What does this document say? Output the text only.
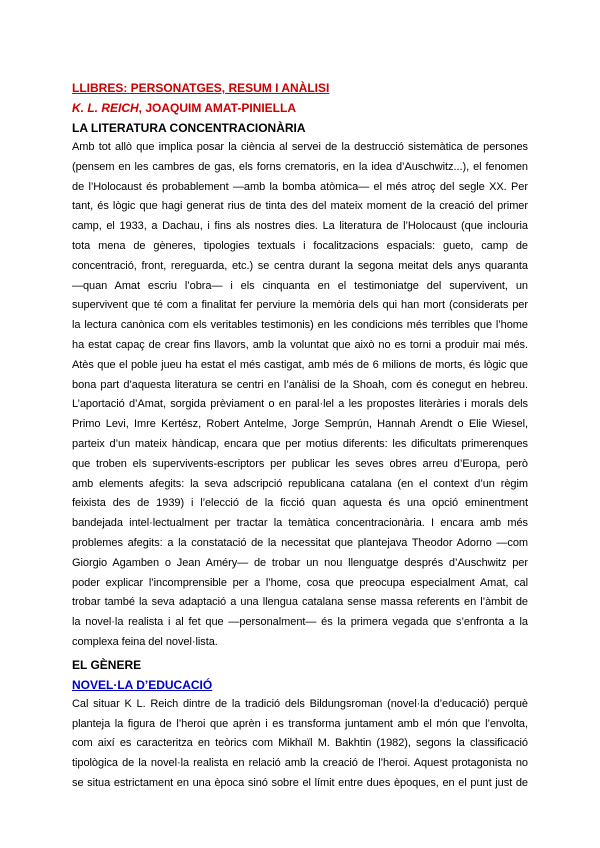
LLIBRES: PERSONATGES, RESUM I ANÀLISI
K. L. REICH, JOAQUIM AMAT-PINIELLA
LA LITERATURA CONCENTRACIONÀRIA

Amb tot allò que implica posar la ciència al servei de la destrucció sistemàtica de persones

(pensem en les cambres de gas, els forns crematoris, en la idea d’Auschwitz...), el fenomen

de l’Holocaust és probablement —amb la bomba atòmica— el més atroç del segle XX. Per

tant, és lògic que hagi generat rius de tinta des del mateix moment de la creació del primer

camp, el 1933, a Dachau, i fins als nostres dies. La literatura de l’Holocaust (que inclouria

tota mena de gèneres, tipologies textuals i focalitzacions espacials: gueto, camp de

concentració, front, rereguarda, etc.) se centra durant la segona meitat dels anys quaranta

—quan Amat escriu l’obra— i els cinquanta en el testimoniatge del supervivent, un

supervivent que té com a finalitat fer perviure la memòria dels qui han mort (considerats per

la lectura canònica com els veritables testimonis) en les condicions més terribles que l’home

ha estat capaç de crear fins llavors, amb la voluntat que això no es torni a produir mai més.

Atès que el poble jueu ha estat el més castigat, amb més de 6 milions de morts, és lògic que

bona part d’aquesta literatura se centri en l’anàlisi de la Shoah, com és conegut en hebreu.

L’aportació d’Amat, sorgida prèviament o en paral·lel a les propostes literàries i morals dels

Primo Levi, Imre Kertész, Robert Antelme, Jorge Semprún, Hannah Arendt o Elie Wiesel,

parteix d’un mateix hàndicap, encara que per motius diferents: les dificultats primerenques

que troben els supervivents-escriptors per publicar les seves obres arreu d’Europa, però

amb elements afegits: la seva adscripció republicana catalana (en el context d’un règim

feixista des de 1939) i l’elecció de la ficció quan aquesta és una opció eminentment

bandejada intel·lectualment per tractar la temàtica concentracionària. I encara amb més

problemes afegits: a la constatació de la necessitat que plantejava Theodor Adorno —com

Giorgio Agamben o Jean Améry— de trobar un nou llenguatge després d’Auschwitz per

poder explicar l’incomprensible per a l’home, cosa que preocupa especialment Amat, cal

trobar també la seva adaptació a una llengua catalana sense massa referents en l’àmbit de

la novel·la realista i al fet que —personalment— és la primera vegada que s’enfronta a la

complexa feina del novel·lista.

EL GÈNERE
NOVEL·LA D’EDUCACIÓ

Cal situar K L. Reich dintre de la tradició dels Bildungsroman (novel·la d’educació) perquè

planteja la figura de l’heroi que aprèn i es transforma juntament amb el món que l’envolta,

com així es caracteritza en teòrics com Mikhaïl M. Bakhtin (1982), segons la classificació

tipològica de la novel·la realista en relació amb la creació de l’heroi. Aquest protagonista no

se situa estrictament en una època sinó sobre el límit entre dues èpoques, en el punt just de
